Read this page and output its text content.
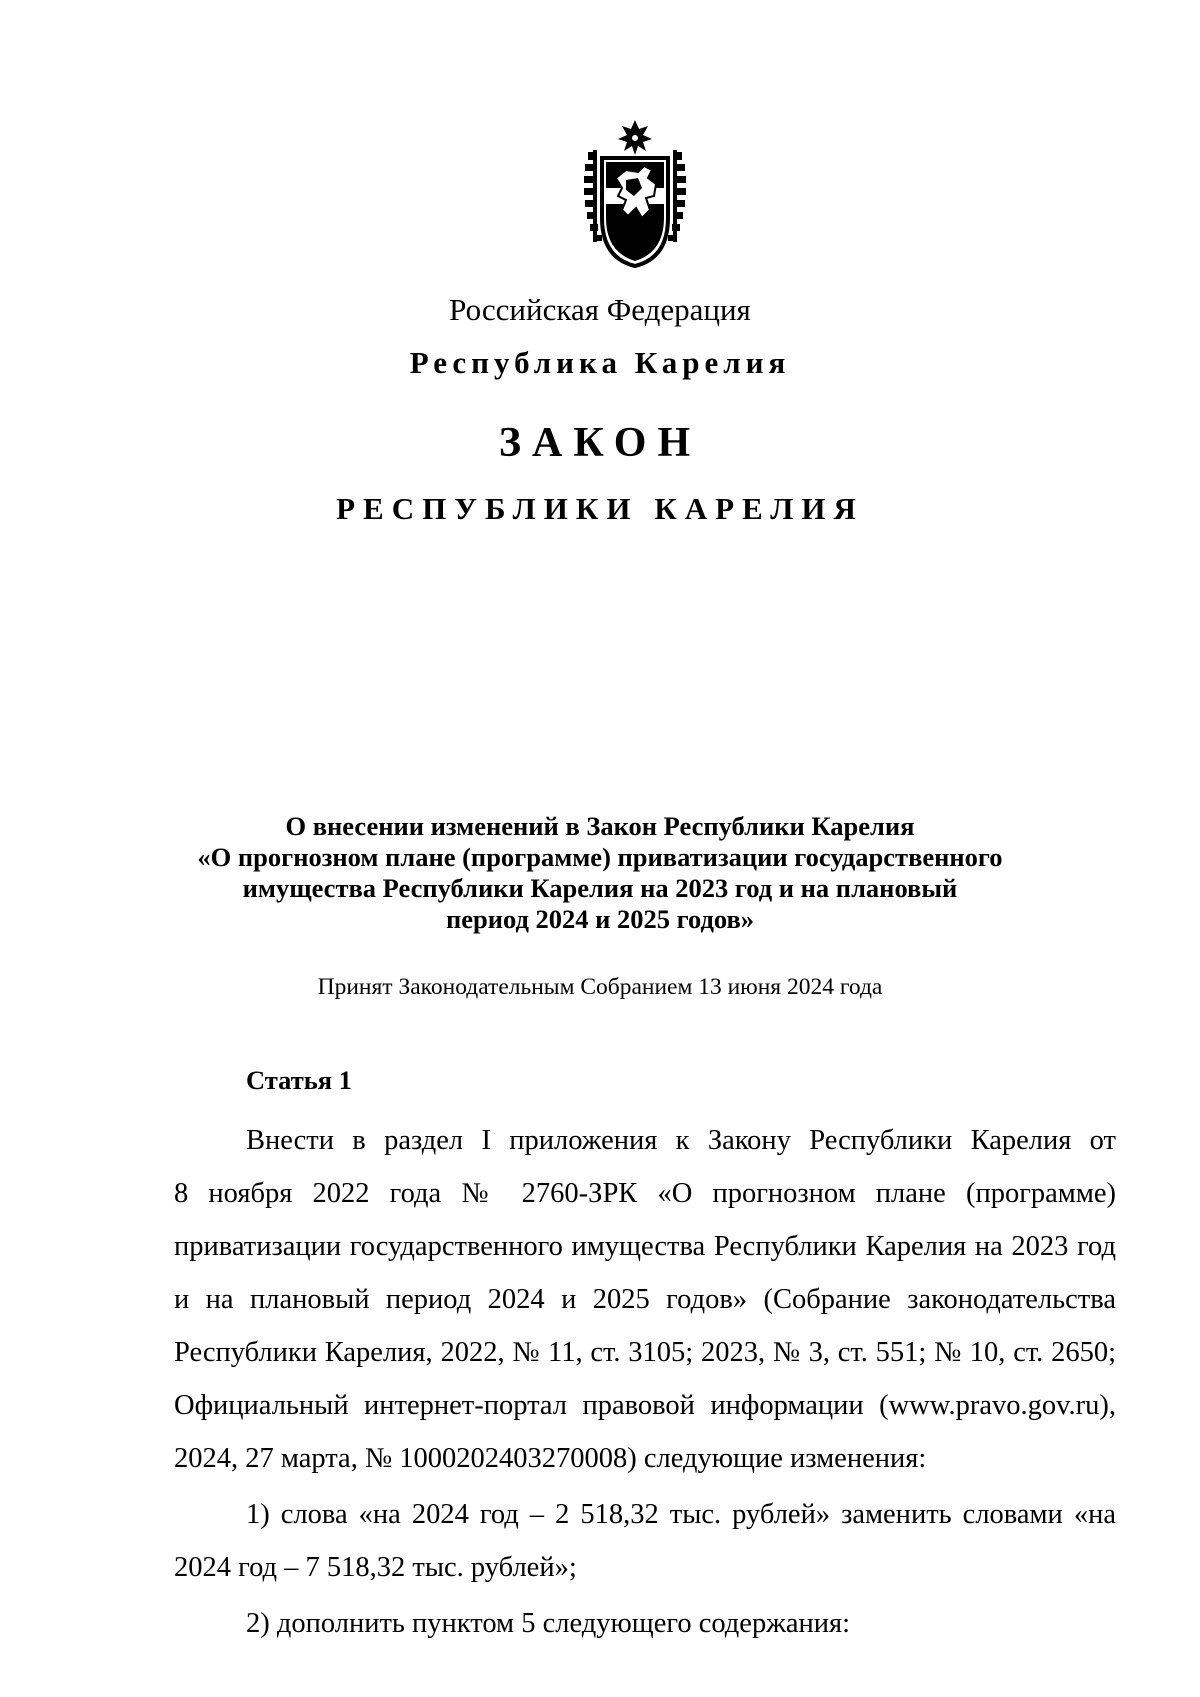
Российская Федерация
Республика Карелия
ЗАКОН
РЕСПУБЛИКИ КАРЕЛИЯ
О внесении изменений в Закон Республики Карелия
«О прогнозном плане (программе) приватизации государственного
имущества Республики Карелия на 2023 год и на плановый
период 2024 и 2025 годов»
Принят Законодательным Собранием 13 июня 2024 года
Статья 1
Внести в раздел I приложения к Закону Республики Карелия от
8 ноября 2022 года № 2760-ЗРК «О прогнозном плане (программе)
приватизации государственного имущества Республики Карелия на 2023 год
и на плановый период 2024 и 2025 годов» (Собрание законодательства
Республики Карелия, 2022, № 11, ст. 3105; 2023, № 3, ст. 551; № 10, ст. 2650;
Официальный интернет-портал правовой информации (www.pravo.gov.ru),
2024, 27 марта, № 1000202403270008) следующие изменения:
1) слова «на 2024 год – 2 518,32 тыс. рублей» заменить словами «на
2024 год – 7 518,32 тыс. рублей»;
2) дополнить пунктом 5 следующего содержания:
